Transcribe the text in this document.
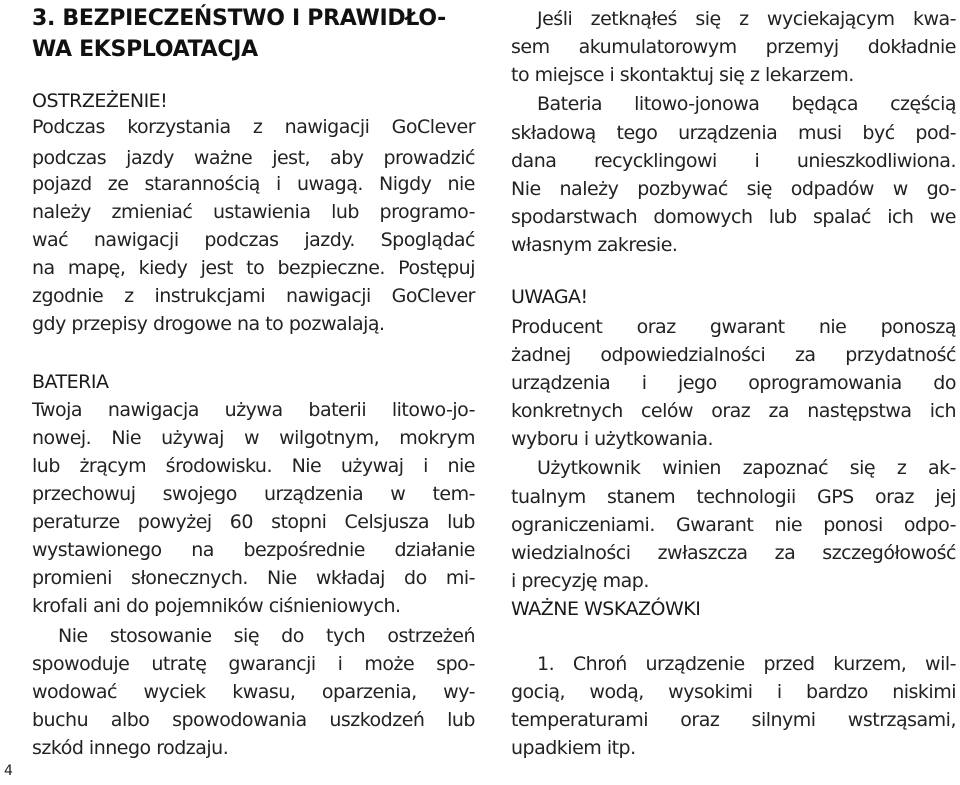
3. BEZPIECZEŃSTWO I PRAWIDŁO-
WA EKSPLOATACJA
OSTRZEŻENIE!
Podczas korzystania z nawigacji GoClever
podczas jazdy ważne jest, aby prowadzić
pojazd ze starannością i uwagą. Nigdy nie
należy zmieniać ustawienia lub programo-
wać nawigacji podczas jazdy. Spoglądać
na mapę, kiedy jest to bezpieczne. Postępuj
zgodnie z instrukcjami nawigacji GoClever
gdy przepisy drogowe na to pozwalają.
BATERIA
Twoja nawigacja używa baterii litowo-jo-
nowej. Nie używaj w wilgotnym, mokrym
lub żrącym środowisku. Nie używaj i nie
przechowuj swojego urządzenia w tem-
peraturze powyżej 60 stopni Celsjusza lub
wystawionego na bezpośrednie działanie
promieni słonecznych. Nie wkładaj do mi-
krofali ani do pojemników ciśnieniowych.
Nie stosowanie się do tych ostrzeżeń
spowoduje utratę gwarancji i może spo-
wodować wyciek kwasu, oparzenia, wy-
buchu albo spowodowania uszkodzeń lub
szkód innego rodzaju.
Jeśli zetknąłeś się z wyciekającym kwa-
sem akumulatorowym przemyj dokładnie
to miejsce i skontaktuj się z lekarzem.
Bateria litowo-jonowa będąca częścią
składową tego urządzenia musi być pod-
dana recycklingowi i unieszkodliwiona.
Nie należy pozbywać się odpadów w go-
spodarstwach domowych lub spalać ich we
własnym zakresie.
UWAGA!
Producent oraz gwarant nie ponoszą
żadnej odpowiedzialności za przydatność
urządzenia i jego oprogramowania do
konkretnych celów oraz za następstwa ich
wyboru i użytkowania.
Użytkownik winien zapoznać się z ak-
tualnym stanem technologii GPS oraz jej
ograniczeniami. Gwarant nie ponosi odpo-
wiedzialności zwłaszcza za szczegółowość
i precyzję map.
WAŻNE WSKAZÓWKI
1. Chroń urządzenie przed kurzem, wil-
gocią, wodą, wysokimi i bardzo niskimi
temperaturami oraz silnymi wstrząsami,
upadkiem itp.
4
